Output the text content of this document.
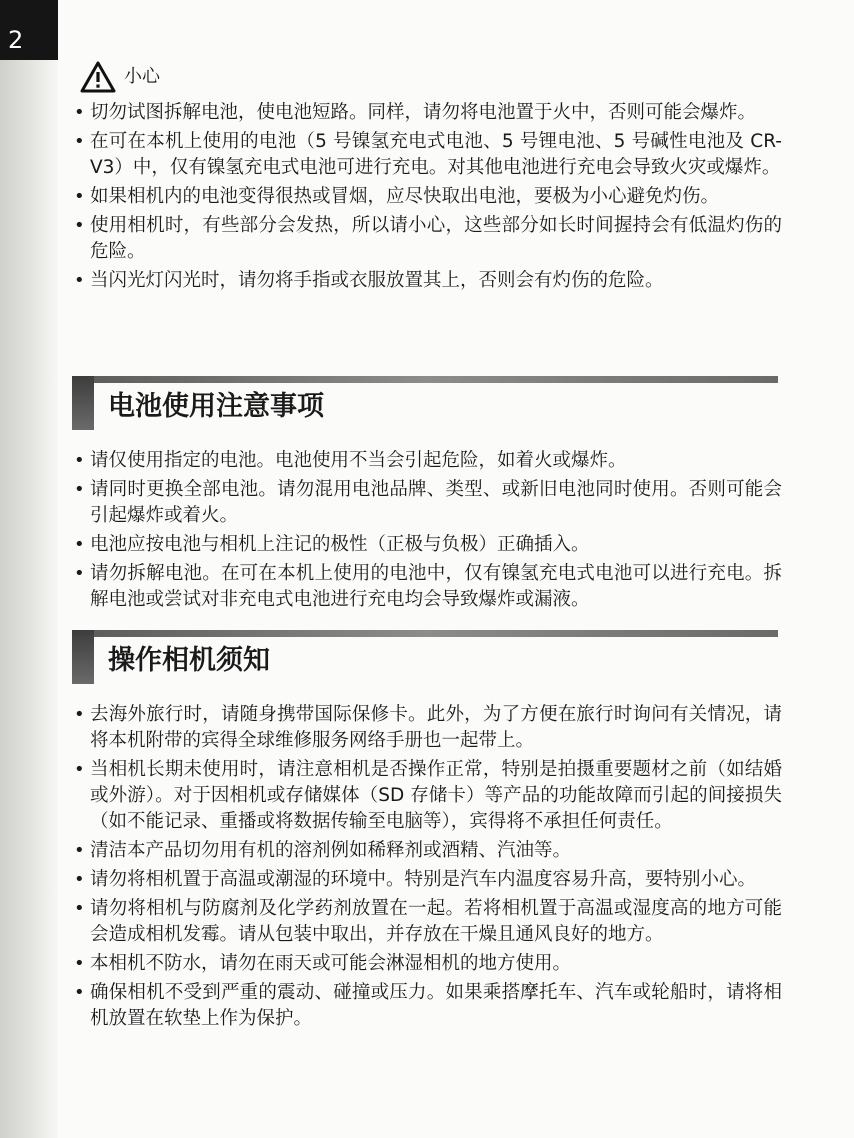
2
小心
• 切勿试图拆解电池，使电池短路。同样，请勿将电池置于火中，否则可能会爆炸。
• 在可在本机上使用的电池（5 号镍氢充电式电池、5 号锂电池、5 号碱性电池及 CR-V3）中，仅有镍氢充电式电池可进行充电。对其他电池进行充电会导致火灾或爆炸。
• 如果相机内的电池变得很热或冒烟，应尽快取出电池，要极为小心避免灼伤。
• 使用相机时，有些部分会发热，所以请小心，这些部分如长时间握持会有低温灼伤的危险。
• 当闪光灯闪光时，请勿将手指或衣服放置其上，否则会有灼伤的危险。
电池使用注意事项
• 请仅使用指定的电池。电池使用不当会引起危险，如着火或爆炸。
• 请同时更换全部电池。请勿混用电池品牌、类型、或新旧电池同时使用。否则可能会引起爆炸或着火。
• 电池应按电池与相机上注记的极性（正极与负极）正确插入。
• 请勿拆解电池。在可在本机上使用的电池中，仅有镍氢充电式电池可以进行充电。拆解电池或尝试对非充电式电池进行充电均会导致爆炸或漏液。
操作相机须知
• 去海外旅行时，请随身携带国际保修卡。此外，为了方便在旅行时询问有关情况，请将本机附带的宾得全球维修服务网络手册也一起带上。
• 当相机长期未使用时，请注意相机是否操作正常，特别是拍摄重要题材之前（如结婚或外游）。对于因相机或存储媒体（SD 存储卡）等产品的功能故障而引起的间接损失（如不能记录、重播或将数据传输至电脑等），宾得将不承担任何责任。
• 清洁本产品切勿用有机的溶剂例如稀释剂或酒精、汽油等。
• 请勿将相机置于高温或潮湿的环境中。特别是汽车内温度容易升高，要特别小心。
• 请勿将相机与防腐剂及化学药剂放置在一起。若将相机置于高温或湿度高的地方可能会造成相机发霉。请从包装中取出，并存放在干燥且通风良好的地方。
• 本相机不防水，请勿在雨天或可能会淋湿相机的地方使用。
• 确保相机不受到严重的震动、碰撞或压力。如果乘搭摩托车、汽车或轮船时，请将相机放置在软垫上作为保护。
